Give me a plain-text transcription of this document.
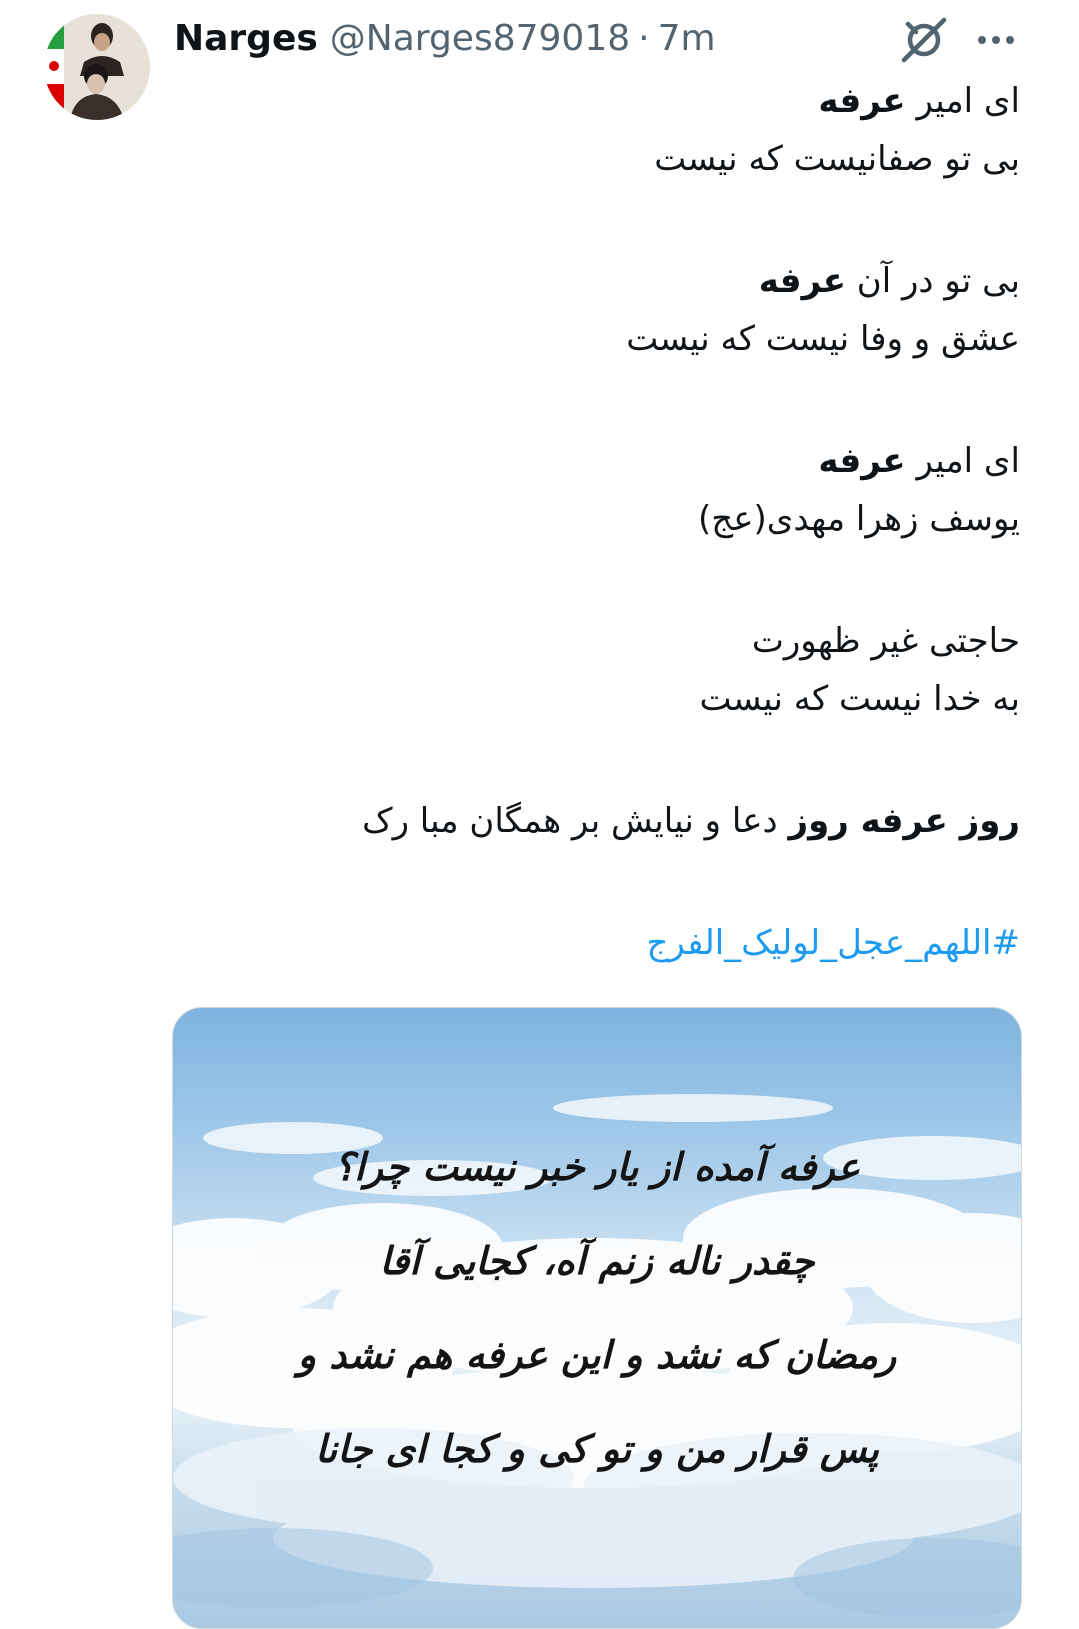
Narges @Narges879018 · 7m
ای امیر عرفه
بی تو صفانیست که نیست
بی تو در آن عرفه
عشق و وفا نیست که نیست
ای امیر عرفه
یوسف زهرا مهدی(عج)
حاجتی غیر ظهورت
به خدا نیست که نیست
روز عرفه روز دعا و نیایش بر همگان مبا رک
#اللهم_عجل_لولیک_الفرج
عرفه آمده از یار خبر نیست چرا؟
چقدر ناله زنم آه، کجایی آقا
رمضان که نشد و این عرفه هم نشد و
پس قرار من و تو کی و کجا ای جانا
